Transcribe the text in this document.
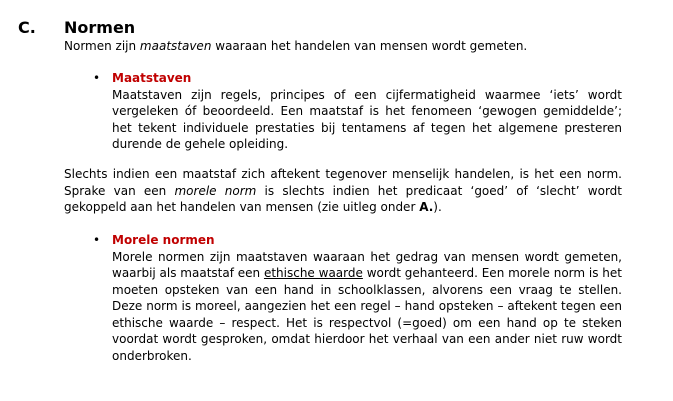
C. Normen

Normen zijn maatstaven waaraan het handelen van mensen wordt gemeten.

• Maatstaven

Maatstaven zijn regels, principes of een cijfermatigheid waarmee ‘iets’ wordt vergeleken óf beoordeeld. Een maatstaf is het fenomeen ‘gewogen gemiddelde’; het tekent individuele prestaties bij tentamens af tegen het algemene presteren durende de gehele opleiding.

Slechts indien een maatstaf zich aftekent tegenover menselijk handelen, is het een norm. Sprake van een morele norm is slechts indien het predicaat ‘goed’ of ‘slecht’ wordt gekoppeld aan het handelen van mensen (zie uitleg onder A.).

• Morele normen

Morele normen zijn maatstaven waaraan het gedrag van mensen wordt gemeten, waarbij als maatstaf een ethische waarde wordt gehanteerd. Een morele norm is het moeten opsteken van een hand in schoolklassen, alvorens een vraag te stellen. Deze norm is moreel, aangezien het een regel – hand opsteken – aftekent tegen een ethische waarde – respect. Het is respectvol (=goed) om een hand op te steken voordat wordt gesproken, omdat hierdoor het verhaal van een ander niet ruw wordt onderbroken.
